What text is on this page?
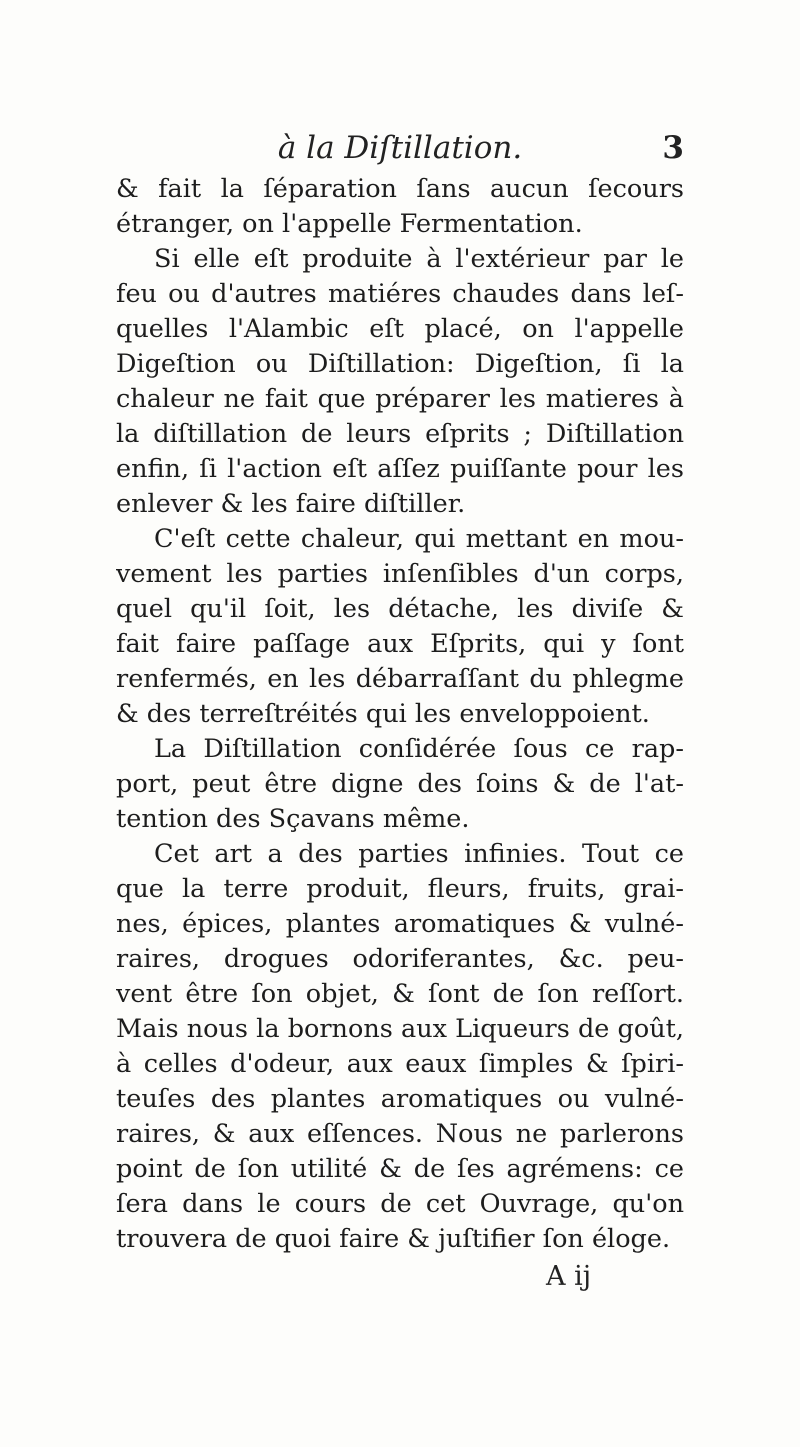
à la Diſtillation.	3
& fait la ſéparation ſans aucun ſecours
étranger, on l'appelle Fermentation.
Si elle eſt produite à l'extérieur par le
feu ou d'autres matiéres chaudes dans leſ-
quelles l'Alambic eſt placé, on l'appelle
Digeſtion ou Diſtillation: Digeſtion, ſi la
chaleur ne fait que préparer les matieres à
la diſtillation de leurs eſprits ; Diſtillation
enfin, ſi l'action eſt aſſez puiſſante pour les
enlever & les faire diſtiller.
C'eſt cette chaleur, qui mettant en mou-
vement les parties inſenſibles d'un corps,
quel qu'il ſoit, les détache, les diviſe &
fait faire paſſage aux Eſprits, qui y ſont
renfermés, en les débarraſſant du phlegme
& des terreſtréités qui les enveloppoient.
La Diſtillation conſidérée ſous ce rap-
port, peut être digne des ſoins & de l'at-
tention des Sçavans même.
Cet art a des parties infinies. Tout ce
que la terre produit, fleurs, fruits, grai-
nes, épices, plantes aromatiques & vulné-
raires, drogues odoriferantes, &c. peu-
vent être ſon objet, & ſont de ſon reſſort.
Mais nous la bornons aux Liqueurs de goût,
à celles d'odeur, aux eaux ſimples & ſpiri-
teuſes des plantes aromatiques ou vulné-
raires, & aux eſſences. Nous ne parlerons
point de ſon utilité & de ſes agrémens: ce
ſera dans le cours de cet Ouvrage, qu'on
trouvera de quoi faire & juſtifier ſon éloge.
A ij
